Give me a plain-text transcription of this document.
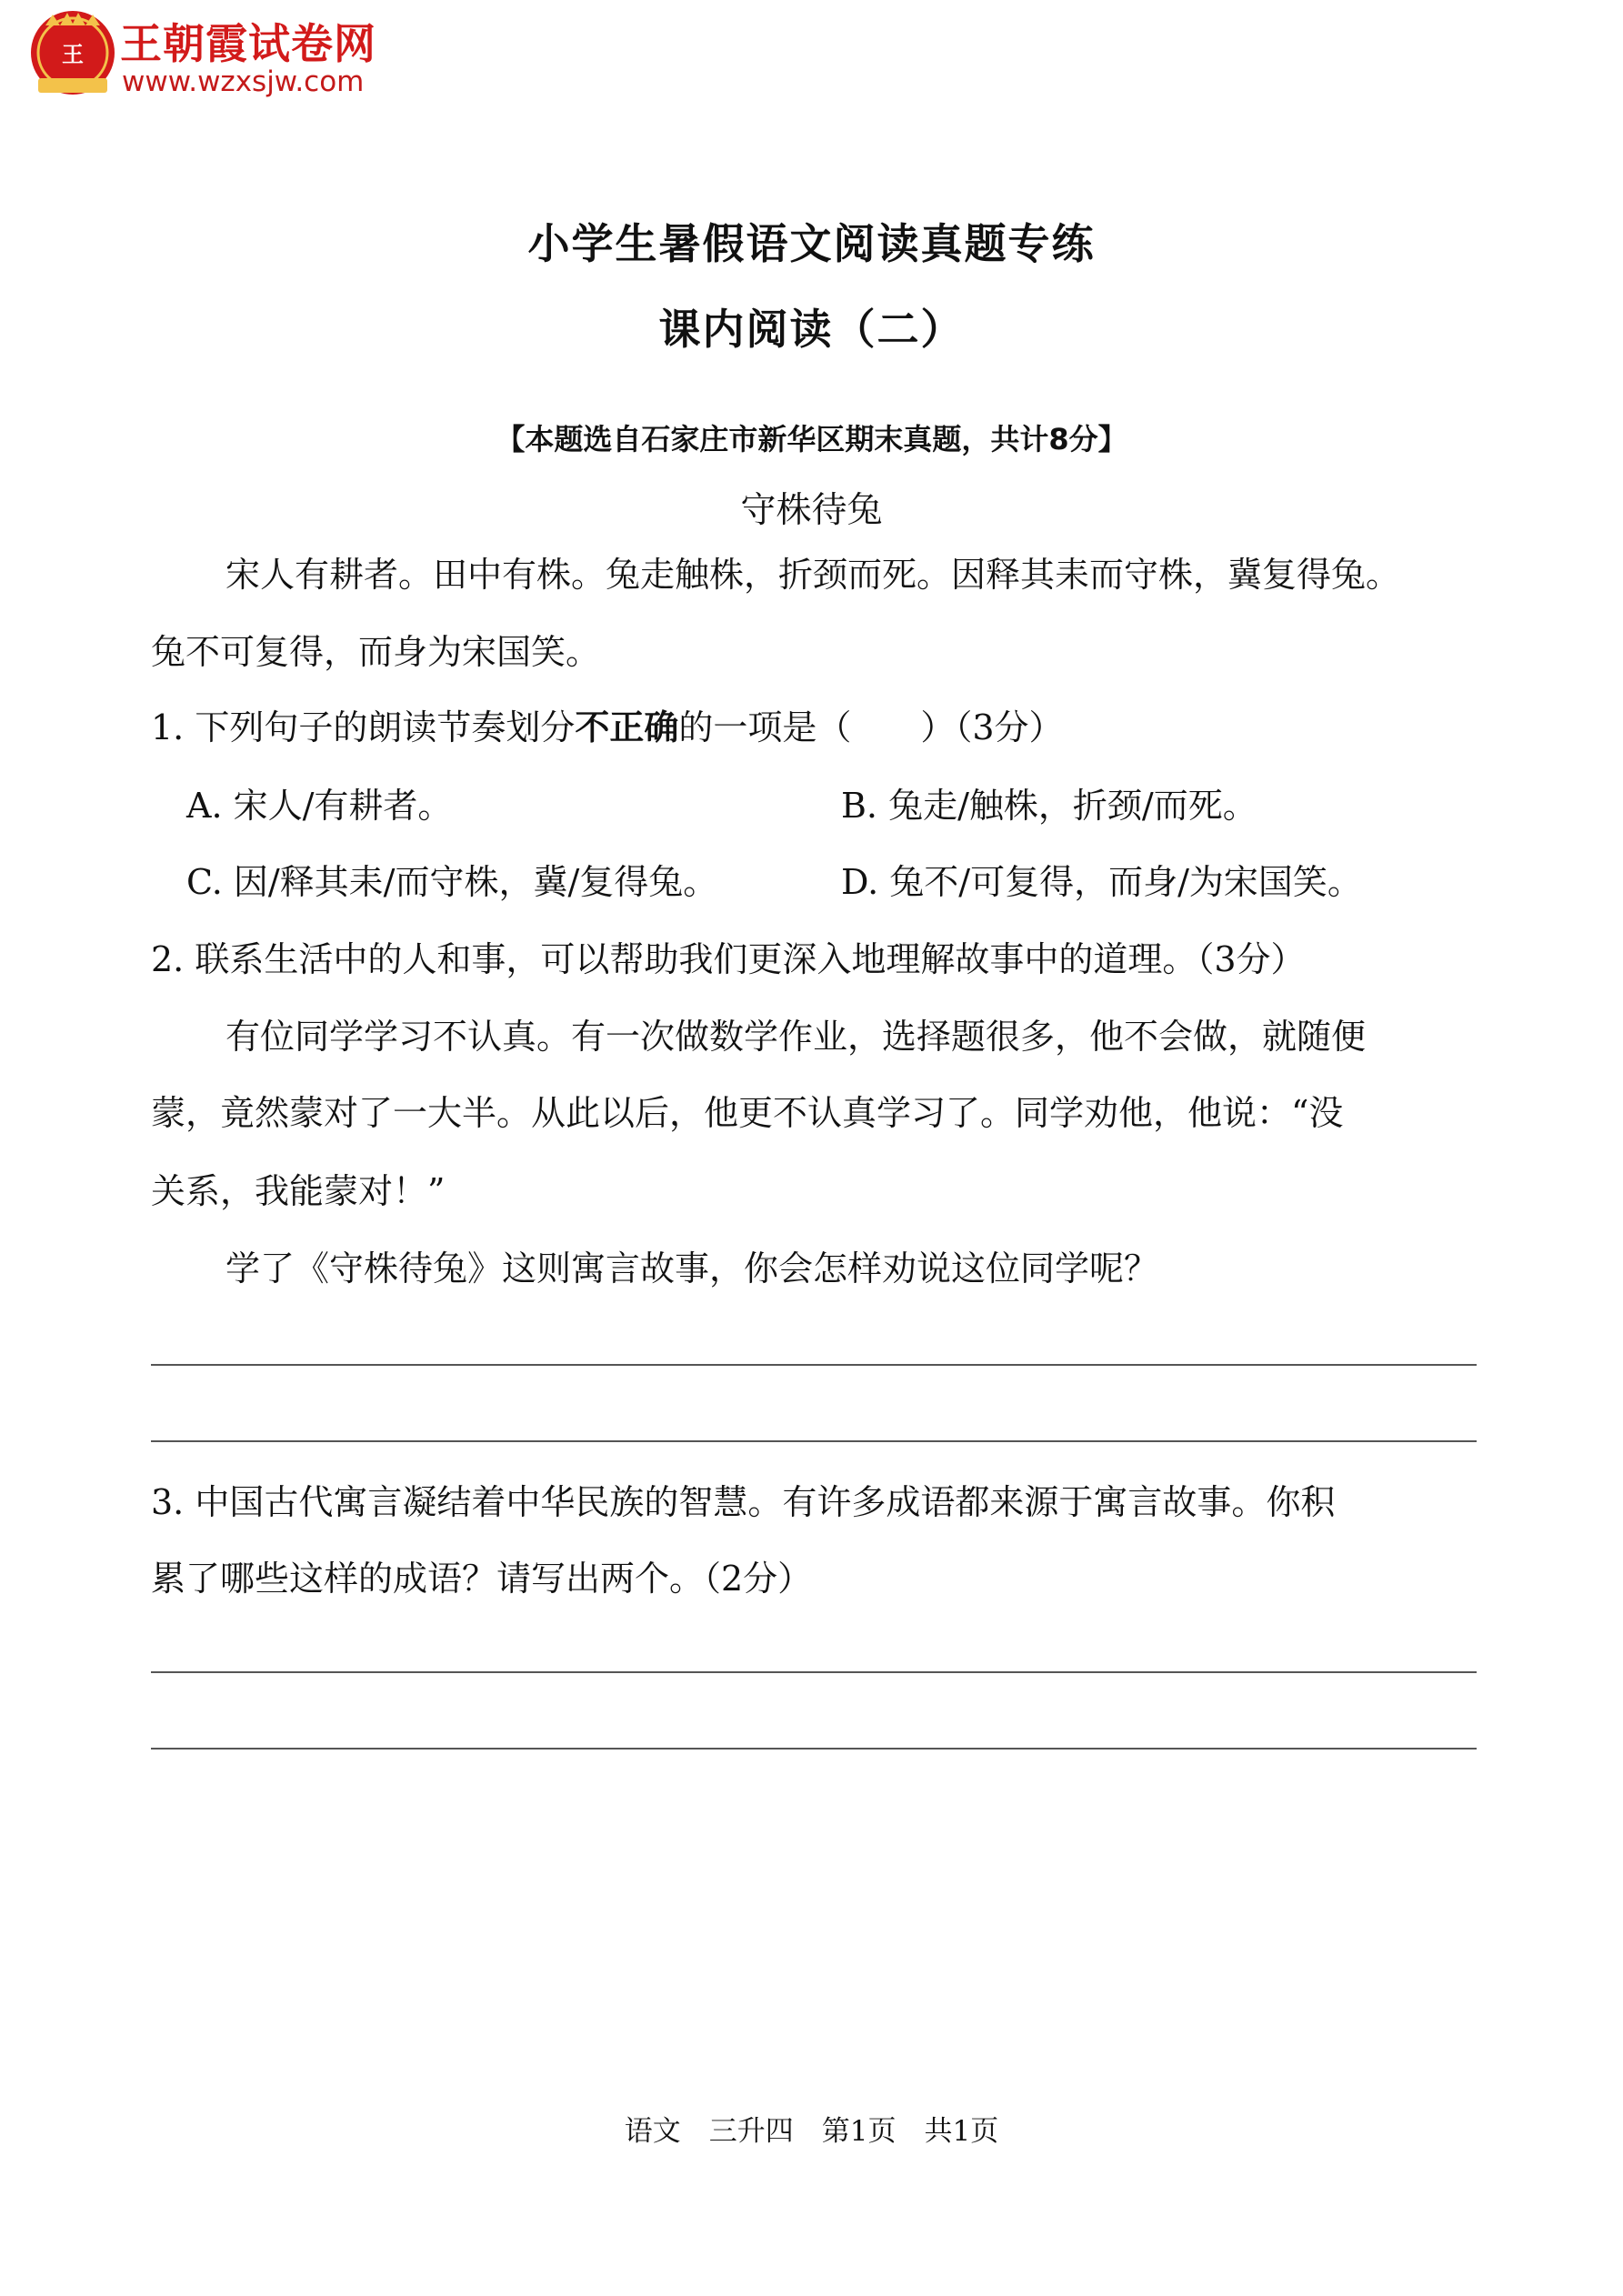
王 王朝霞试卷网
www.wzxsjw.com
小学生暑假语文阅读真题专练
课内阅读（二）
【本题选自石家庄市新华区期末真题，共计8分】
守株待兔
宋人有耕者。田中有株。兔走触株，折颈而死。因释其耒而守株，冀复得兔。
兔不可复得，而身为宋国笑。
1. 下列句子的朗读节奏划分不正确的一项是（　　）（3分）
A. 宋人/有耕者。	B. 兔走/触株，折颈/而死。
C. 因/释其耒/而守株，冀/复得兔。	D. 兔不/可复得，而身/为宋国笑。
2. 联系生活中的人和事，可以帮助我们更深入地理解故事中的道理。（3分）
有位同学学习不认真。有一次做数学作业，选择题很多，他不会做，就随便
蒙，竟然蒙对了一大半。从此以后，他更不认真学习了。同学劝他，他说：“没
关系，我能蒙对！”
学了《守株待兔》这则寓言故事，你会怎样劝说这位同学呢？
3. 中国古代寓言凝结着中华民族的智慧。有许多成语都来源于寓言故事。你积
累了哪些这样的成语？请写出两个。（2分）
语文　三升四　第1页　共1页
